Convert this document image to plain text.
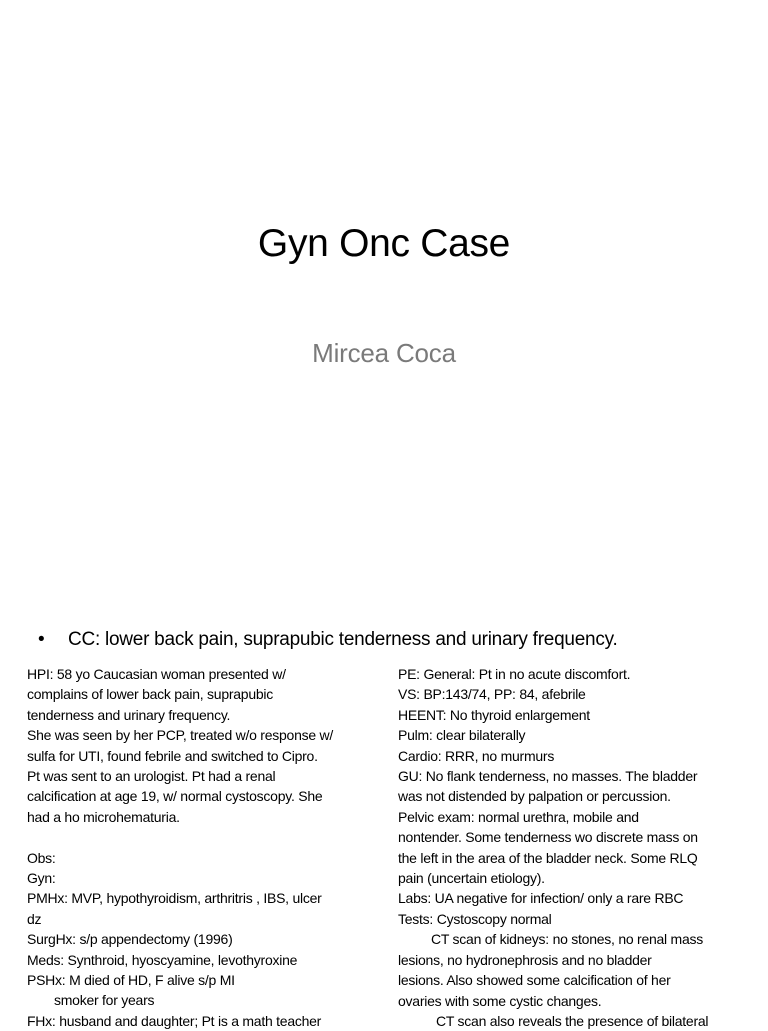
Gyn Onc Case
Mircea Coca
• CC: lower back pain, suprapubic tenderness and urinary frequency.
HPI: 58 yo Caucasian woman presented w/
complains of lower back pain, suprapubic
tenderness and urinary frequency.
She was seen by her PCP, treated w/o response w/
sulfa for UTI, found febrile and switched to Cipro.
Pt was sent to an urologist. Pt had a renal
calcification at age 19, w/ normal cystoscopy. She
had a ho microhematuria.
Obs:
Gyn:
PMHx: MVP, hypothyroidism, arthritris , IBS, ulcer
dz
SurgHx: s/p appendectomy (1996)
Meds: Synthroid, hyoscyamine, levothyroxine
PSHx: M died of HD, F alive s/p MI
smoker for years
FHx: husband and daughter; Pt is a math teacher
PE: General: Pt in no acute discomfort.
VS: BP:143/74, PP: 84, afebrile
HEENT: No thyroid enlargement
Pulm: clear bilaterally
Cardio: RRR, no murmurs
GU: No flank tenderness, no masses. The bladder
was not distended by palpation or percussion.
Pelvic exam: normal urethra, mobile and
nontender. Some tenderness wo discrete mass on
the left in the area of the bladder neck. Some RLQ
pain (uncertain etiology).
Labs: UA negative for infection/ only a rare RBC
Tests: Cystoscopy normal
CT scan of kidneys: no stones, no renal mass
lesions, no hydronephrosis and no bladder
lesions. Also showed some calcification of her
ovaries with some cystic changes.
CT scan also reveals the presence of bilateral
